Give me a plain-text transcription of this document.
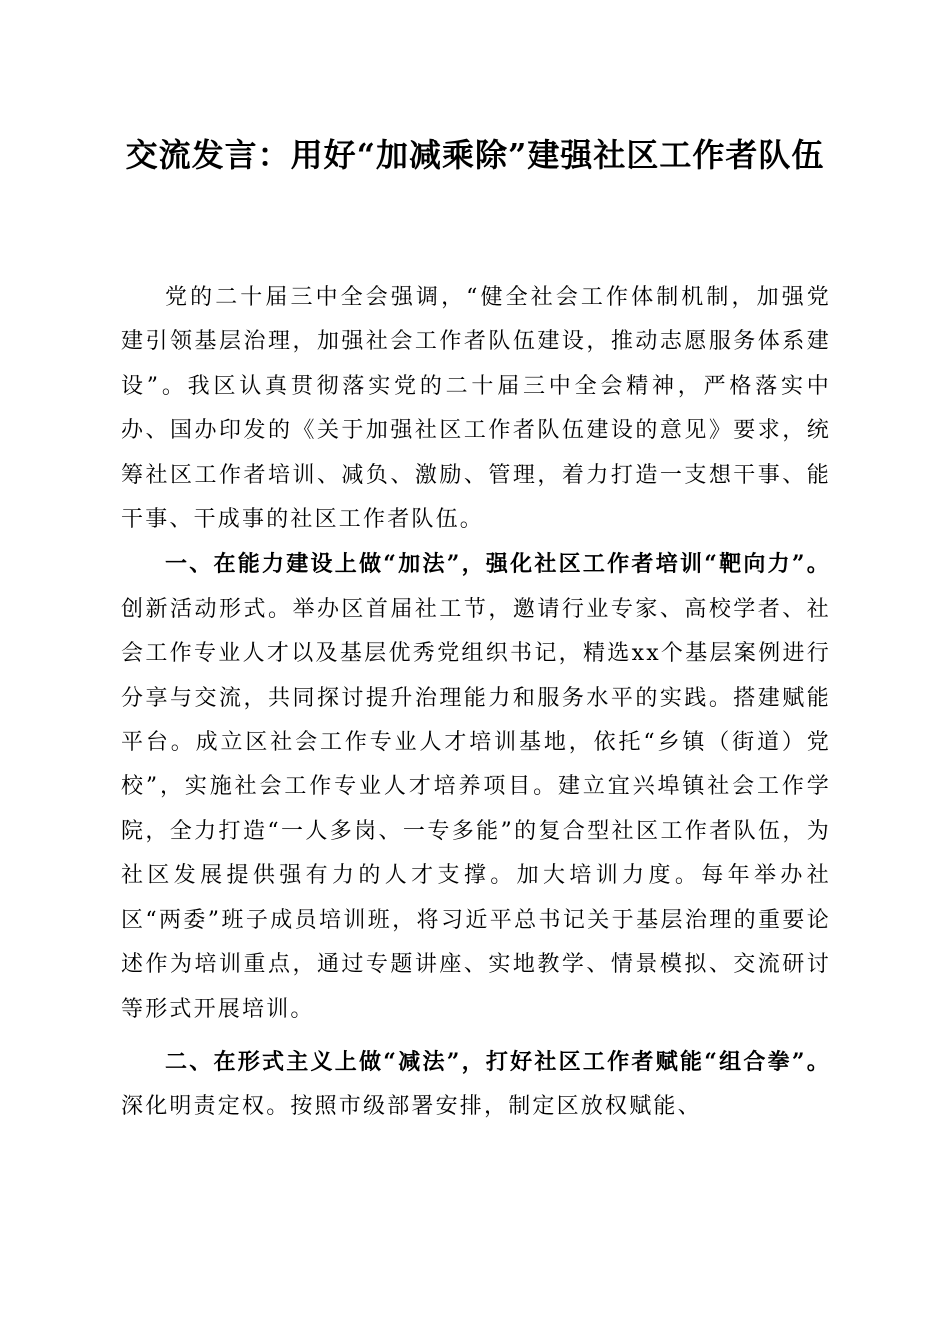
交流发言：用好“加减乘除”建强社区工作者队伍

党的二十届三中全会强调，“健全社会工作体制机制，加强党建引领基层治理，加强社会工作者队伍建设，推动志愿服务体系建设”。我区认真贯彻落实党的二十届三中全会精神，严格落实中办、国办印发的《关于加强社区工作者队伍建设的意见》要求，统筹社区工作者培训、减负、激励、管理，着力打造一支想干事、能干事、干成事的社区工作者队伍。

一、在能力建设上做“加法”，强化社区工作者培训“靶向力”。创新活动形式。举办区首届社工节，邀请行业专家、高校学者、社会工作专业人才以及基层优秀党组织书记，精选xx个基层案例进行分享与交流，共同探讨提升治理能力和服务水平的实践。搭建赋能平台。成立区社会工作专业人才培训基地，依托“乡镇（街道）党校”，实施社会工作专业人才培养项目。建立宜兴埠镇社会工作学院，全力打造“一人多岗、一专多能”的复合型社区工作者队伍，为社区发展提供强有力的人才支撑。加大培训力度。每年举办社区“两委”班子成员培训班，将习近平总书记关于基层治理的重要论述作为培训重点，通过专题讲座、实地教学、情景模拟、交流研讨等形式开展培训。

二、在形式主义上做“减法”，打好社区工作者赋能“组合拳”。深化明责定权。按照市级部署安排，制定区放权赋能、
